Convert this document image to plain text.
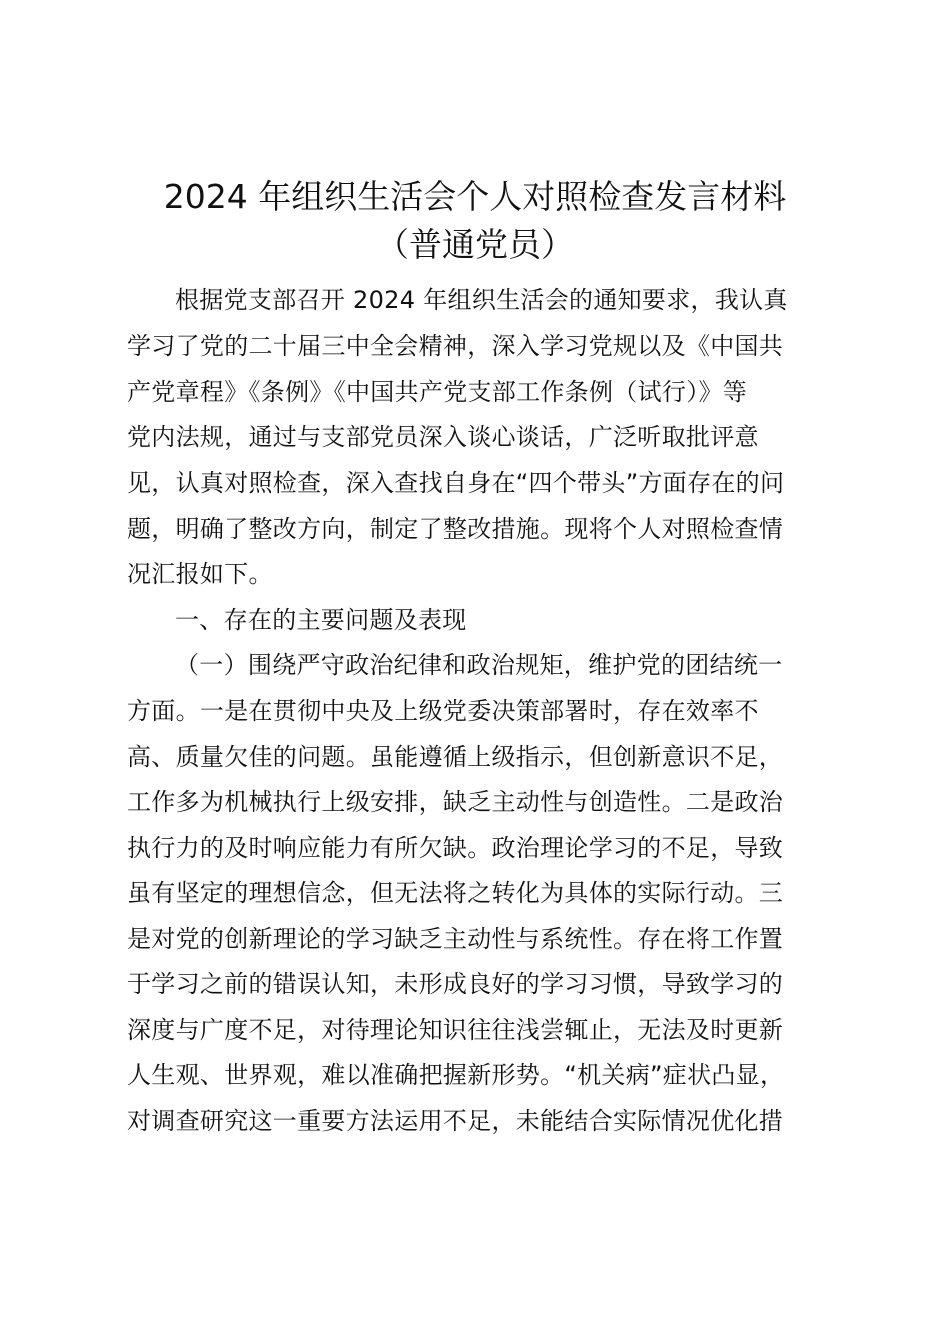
2024 年组织生活会个人对照检查发言材料
（普通党员）

根据党支部召开 2024 年组织生活会的通知要求，我认真

学习了党的二十届三中全会精神，深入学习党规以及《中国共

产党章程》《条例》《中国共产党支部工作条例（试行）》等

党内法规，通过与支部党员深入谈心谈话，广泛听取批评意

见，认真对照检查，深入查找自身在“四个带头”方面存在的问

题，明确了整改方向，制定了整改措施。现将个人对照检查情

况汇报如下。

一、存在的主要问题及表现

（一）围绕严守政治纪律和政治规矩，维护党的团结统一

方面。一是在贯彻中央及上级党委决策部署时，存在效率不

高、质量欠佳的问题。虽能遵循上级指示，但创新意识不足，

工作多为机械执行上级安排，缺乏主动性与创造性。二是政治

执行力的及时响应能力有所欠缺。政治理论学习的不足，导致

虽有坚定的理想信念，但无法将之转化为具体的实际行动。三

是对党的创新理论的学习缺乏主动性与系统性。存在将工作置

于学习之前的错误认知，未形成良好的学习习惯，导致学习的

深度与广度不足，对待理论知识往往浅尝辄止，无法及时更新

人生观、世界观，难以准确把握新形势。“机关病”症状凸显，

对调查研究这一重要方法运用不足，未能结合实际情况优化措
